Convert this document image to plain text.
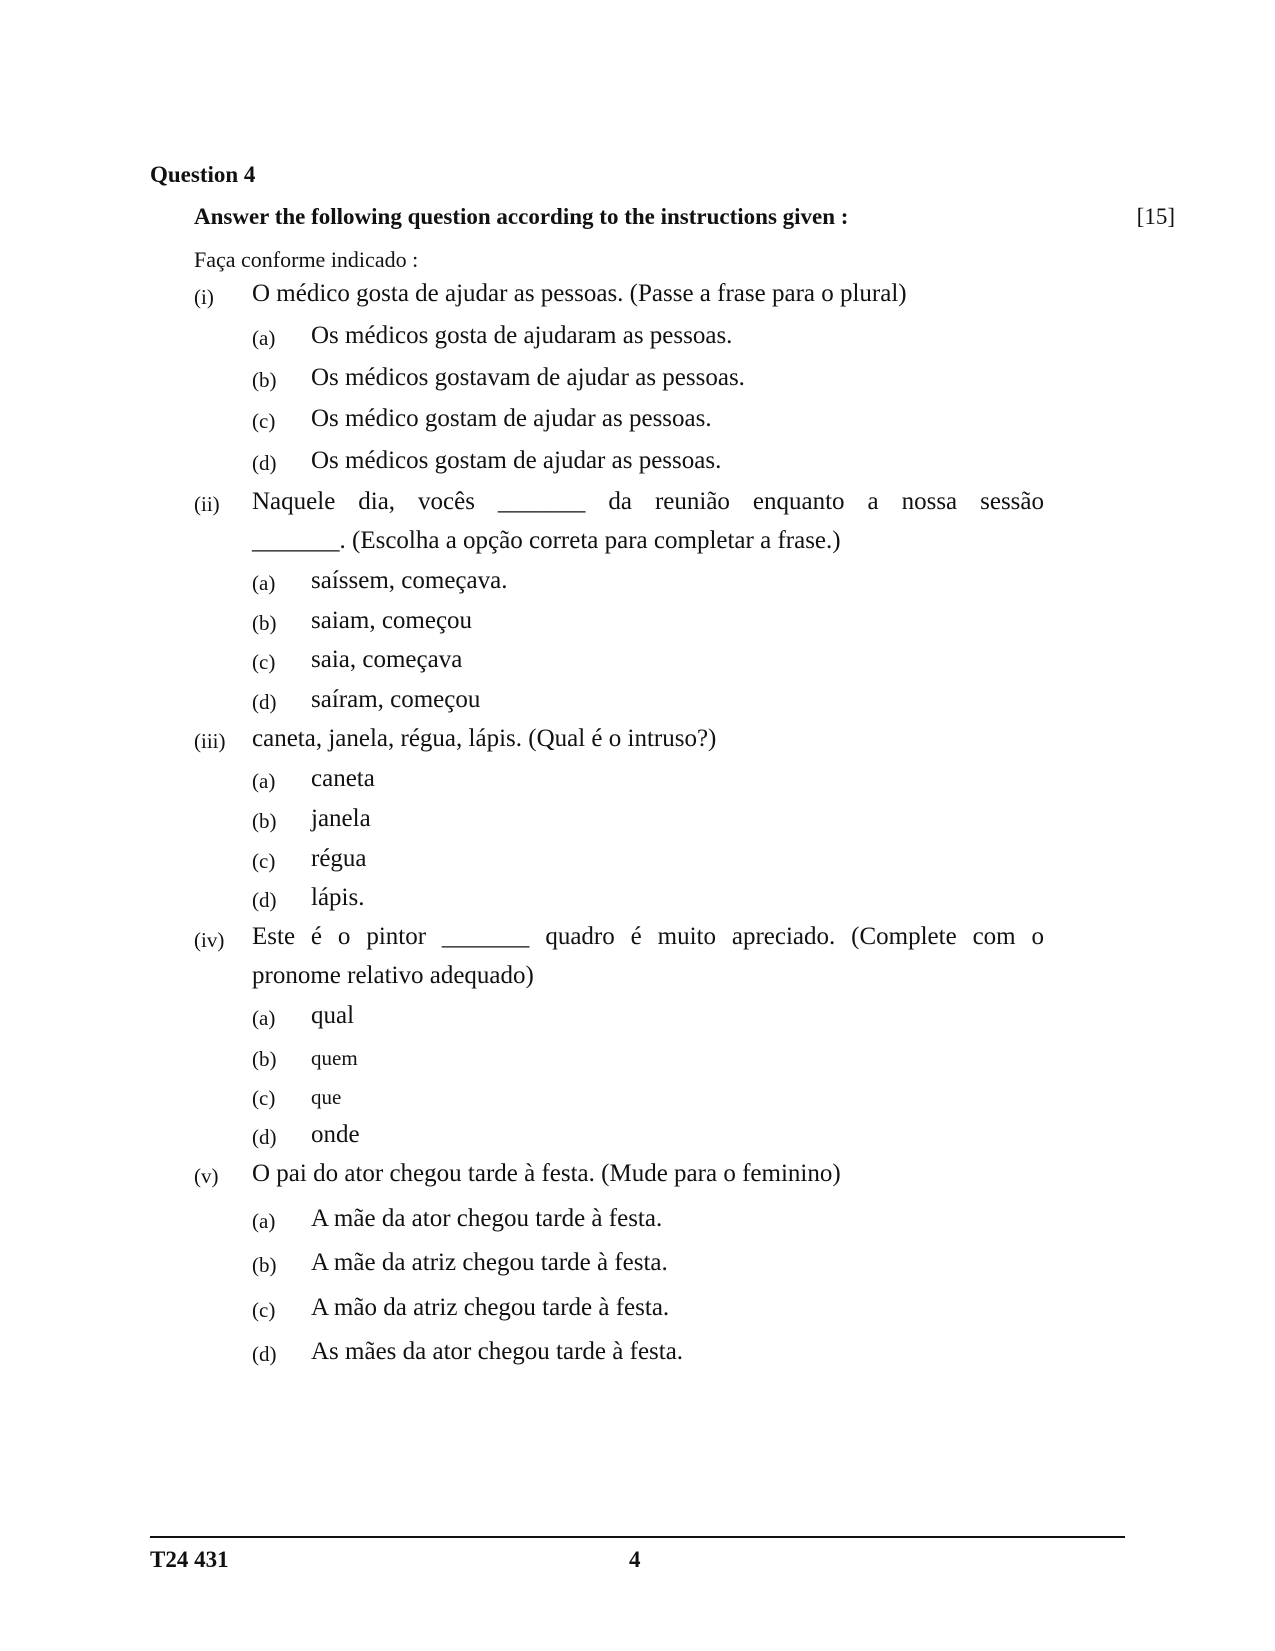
Question 4
Answer the following question according to the instructions given :	[15]
Faça conforme indicado :
(i) O médico gosta de ajudar as pessoas. (Passe a frase para o plural)
(a) Os médicos gosta de ajudaram as pessoas.
(b) Os médicos gostavam de ajudar as pessoas.
(c) Os médico gostam de ajudar as pessoas.
(d) Os médicos gostam de ajudar as pessoas.
(ii) Naquele dia, vocês _______ da reunião enquanto a nossa sessão
_______. (Escolha a opção correta para completar a frase.)
(a) saíssem, começava.
(b) saiam, começou
(c) saia, começava
(d) saíram, começou
(iii) caneta, janela, régua, lápis. (Qual é o intruso?)
(a) caneta
(b) janela
(c) régua
(d) lápis.
(iv) Este é o pintor _______ quadro é muito apreciado. (Complete com o
pronome relativo adequado)
(a) qual
(b) quem
(c) que
(d) onde
(v) O pai do ator chegou tarde à festa. (Mude para o feminino)
(a) A mãe da ator chegou tarde à festa.
(b) A mãe da atriz chegou tarde à festa.
(c) A mão da atriz chegou tarde à festa.
(d) As mães da ator chegou tarde à festa.
T24 431	4
